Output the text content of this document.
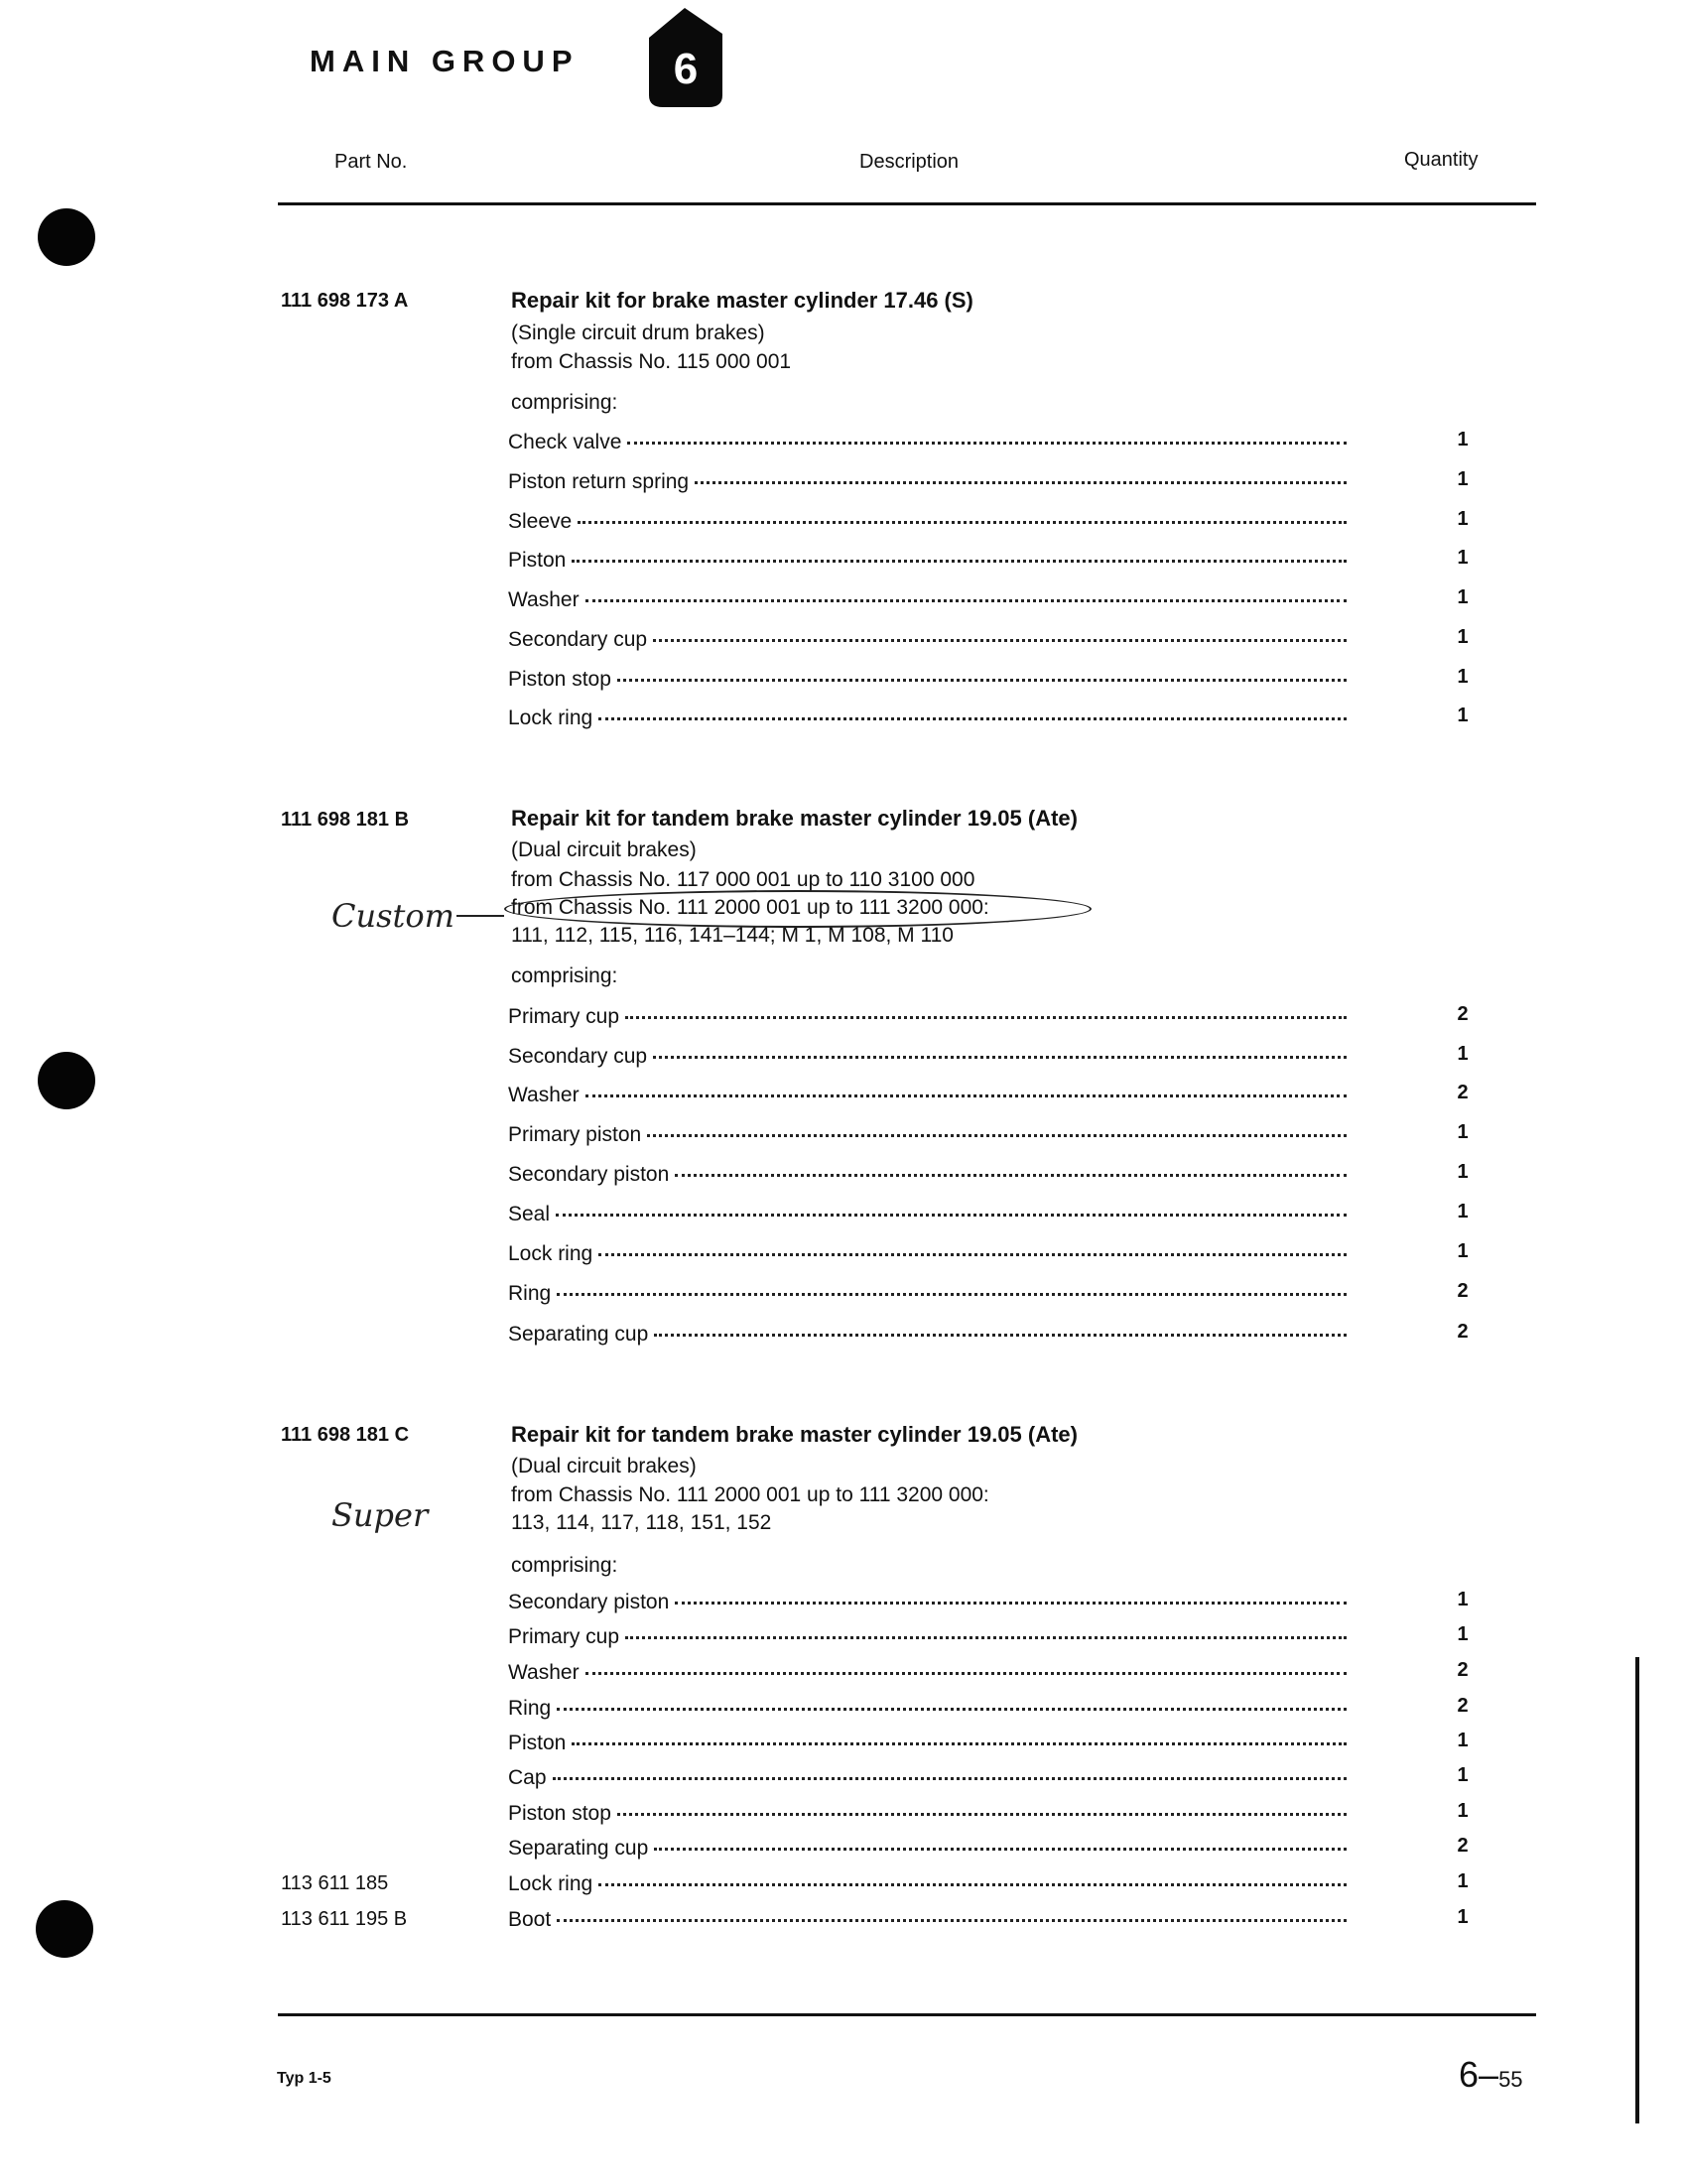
MAIN GROUP 6
Part No.	Description	Quantity
111 698 173 A	Repair kit for brake master cylinder 17.46 (S)
(Single circuit drum brakes)
from Chassis No. 115 000 001
comprising:
Check valve	1
Piston return spring	1
Sleeve	1
Piston	1
Washer	1
Secondary cup	1
Piston stop	1
Lock ring	1
111 698 181 B	Repair kit for tandem brake master cylinder 19.05 (Ate)
(Dual circuit brakes)
from Chassis No. 117 000 001 up to 110 3100 000
from Chassis No. 111 2000 001 up to 111 3200 000:
111, 112, 115, 116, 141–144; M 1, M 108, M 110
Custom
comprising:
Primary cup	2
Secondary cup	1
Washer	2
Primary piston	1
Secondary piston	1
Seal	1
Lock ring	1
Ring	2
Separating cup	2
111 698 181 C	Repair kit for tandem brake master cylinder 19.05 (Ate)
(Dual circuit brakes)
from Chassis No. 111 2000 001 up to 111 3200 000:
113, 114, 117, 118, 151, 152
Super
comprising:
Secondary piston	1
Primary cup	1
Washer	2
Ring	2
Piston	1
Cap	1
Piston stop	1
Separating cup	2
113 611 185	Lock ring	1
113 611 195 B	Boot	1
Typ 1-5	6–55
